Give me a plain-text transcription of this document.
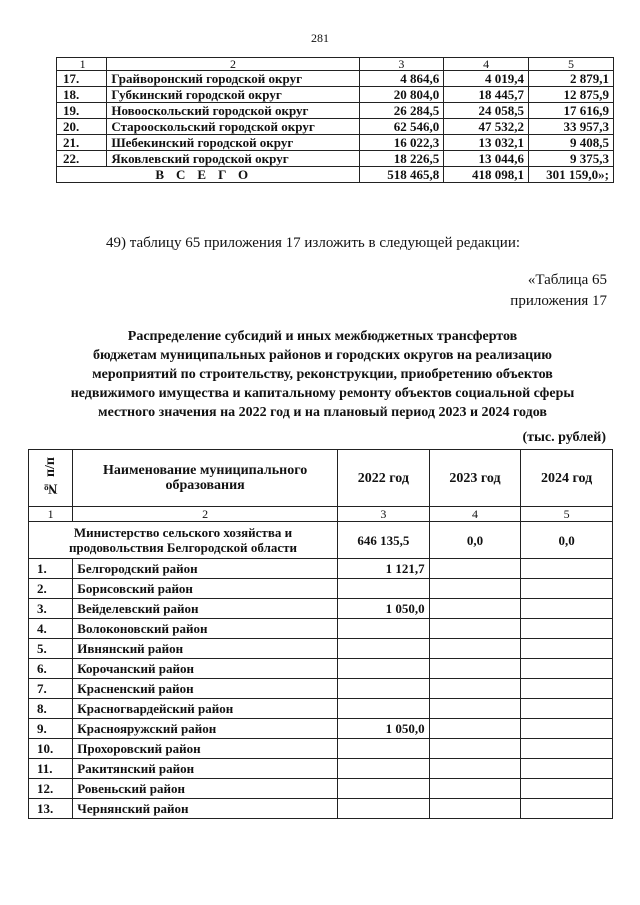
281
1	2	3	4	5
17.	Грайворонский городской округ	4 864,6	4 019,4	2 879,1
18.	Губкинский городской округ	20 804,0	18 445,7	12 875,9
19.	Новооскольский городской округ	26 284,5	24 058,5	17 616,9
20.	Старооскольский городской округ	62 546,0	47 532,2	33 957,3
21.	Шебекинский городской округ	16 022,3	13 032,1	9 408,5
22.	Яковлевский городской округ	18 226,5	13 044,6	9 375,3
ВСЕГО		518 465,8	418 098,1	301 159,0»;
49) таблицу 65 приложения 17 изложить в следующей редакции:
«Таблица 65
приложения 17
Распределение субсидий и иных межбюджетных трансфертов
бюджетам муниципальных районов и городских округов на реализацию
мероприятий по строительству, реконструкции, приобретению объектов
недвижимого имущества и капитальному ремонту объектов социальной сферы
местного значения на 2022 год и на плановый период 2023 и 2024 годов
(тыс. рублей)
№ п/п	Наименование муниципального образования	2022 год	2023 год	2024 год
1	2	3	4	5
Министерство сельского хозяйства и продовольствия Белгородской области		646 135,5	0,0	0,0
1.	Белгородский район	1 121,7		
2.	Борисовский район			
3.	Вейделевский район	1 050,0		
4.	Волоконовский район			
5.	Ивнянский район			
6.	Корочанский район			
7.	Красненский район			
8.	Красногвардейский район			
9.	Краснояружский район	1 050,0		
10.	Прохоровский район			
11.	Ракитянский район			
12.	Ровеньский район			
13.	Чернянский район			
